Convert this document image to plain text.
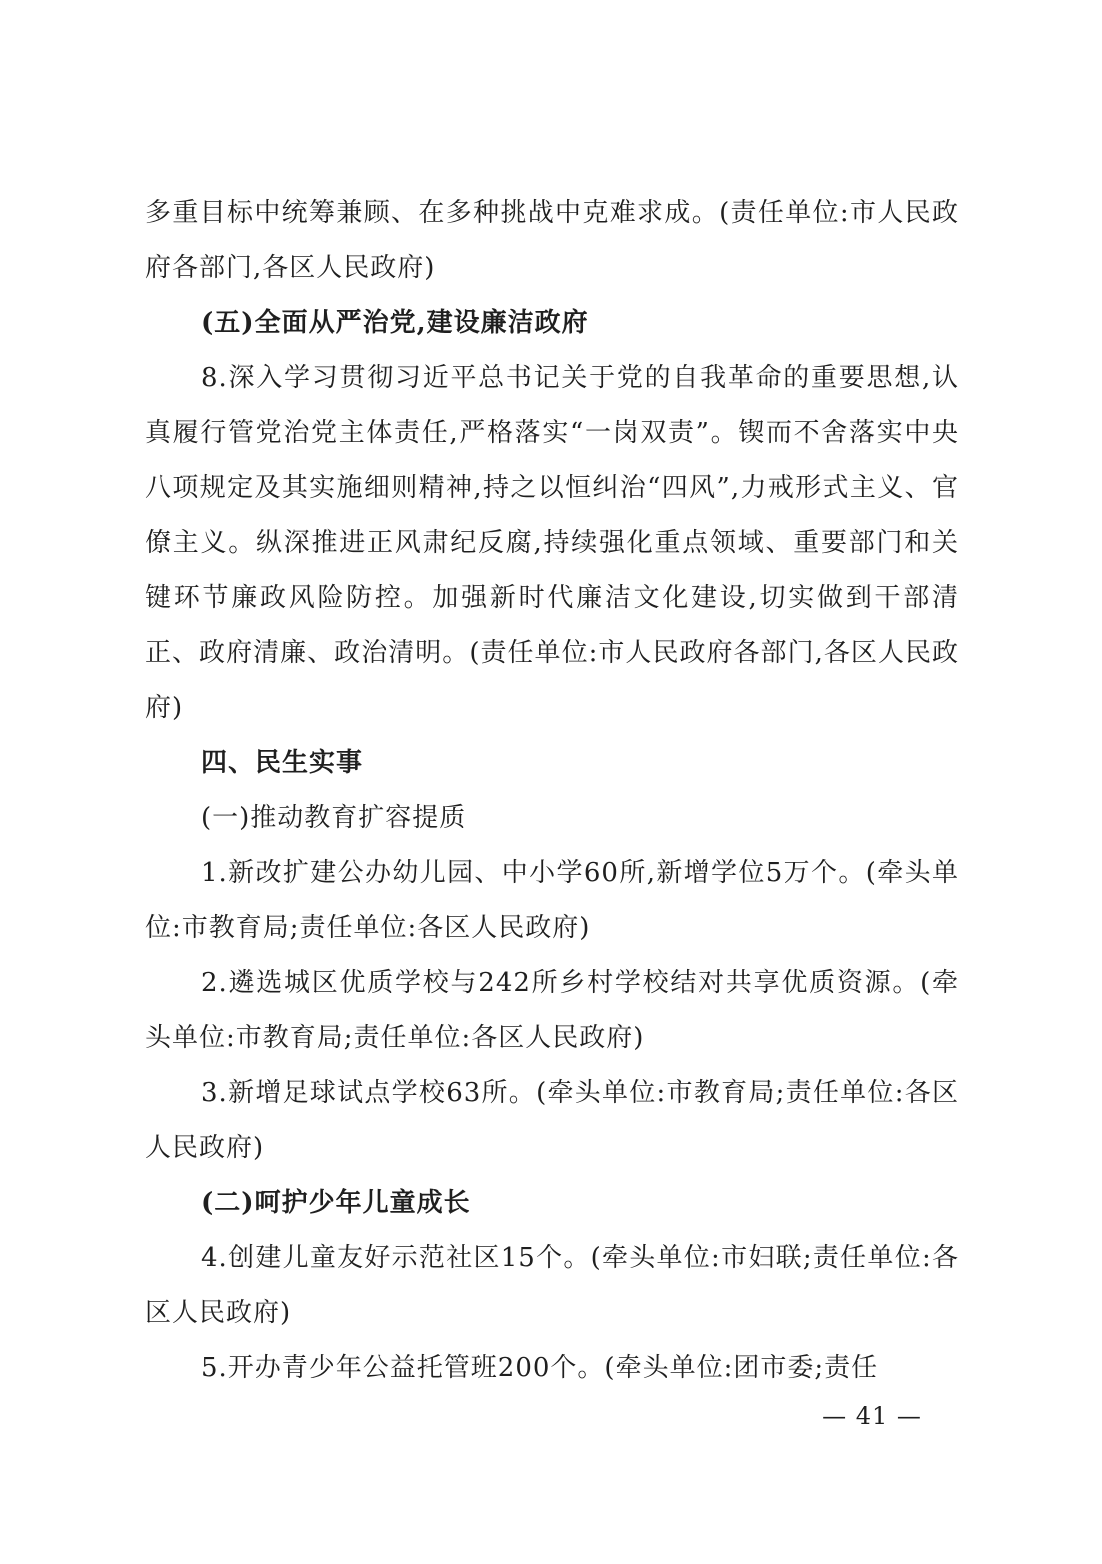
多重目标中统筹兼顾、在多种挑战中克难求成。(责任单位:市人民政府各部门,各区人民政府)

(五)全面从严治党,建设廉洁政府

8.深入学习贯彻习近平总书记关于党的自我革命的重要思想,认真履行管党治党主体责任,严格落实“一岗双责”。锲而不舍落实中央八项规定及其实施细则精神,持之以恒纠治“四风”,力戒形式主义、官僚主义。纵深推进正风肃纪反腐,持续强化重点领域、重要部门和关键环节廉政风险防控。加强新时代廉洁文化建设,切实做到干部清正、政府清廉、政治清明。(责任单位:市人民政府各部门,各区人民政府)

四、民生实事

(一)推动教育扩容提质

1.新改扩建公办幼儿园、中小学60所,新增学位5万个。(牵头单位:市教育局;责任单位:各区人民政府)

2.遴选城区优质学校与242所乡村学校结对共享优质资源。(牵头单位:市教育局;责任单位:各区人民政府)

3.新增足球试点学校63所。(牵头单位:市教育局;责任单位:各区人民政府)

(二)呵护少年儿童成长

4.创建儿童友好示范社区15个。(牵头单位:市妇联;责任单位:各区人民政府)

5.开办青少年公益托管班200个。(牵头单位:团市委;责任

— 41 —
